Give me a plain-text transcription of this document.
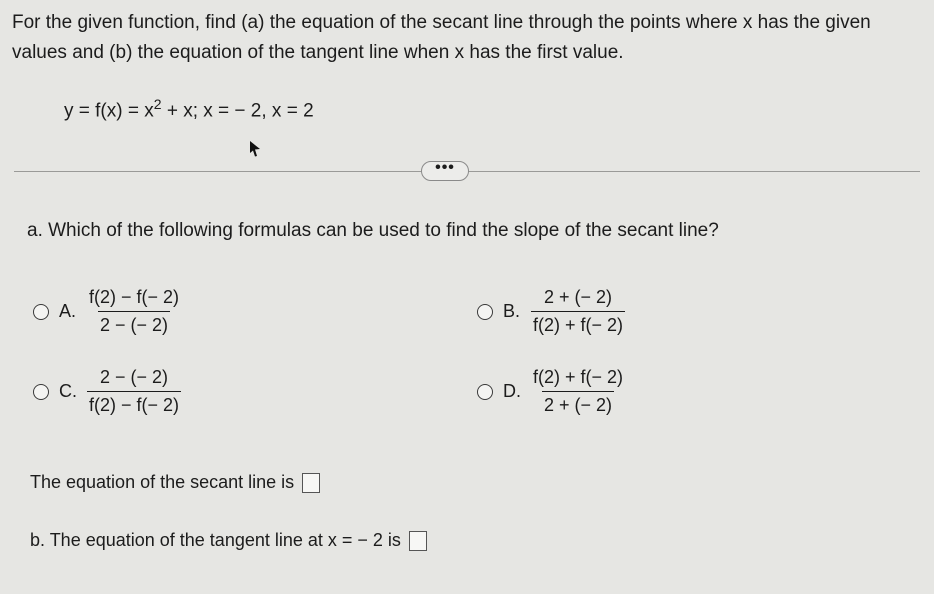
For the given function, find (a) the equation of the secant line through the points where x has the given values and (b) the equation of the tangent line when x has the first value.
$y = f(x) = x^2 + x$; x = − 2, x = 2
•••
a. Which of the following formulas can be used to find the slope of the secant line?
A. $\frac{f(2) - f(- 2)}{2 - (- 2)}$	B. $\frac{2 + (- 2)}{f(2) + f(- 2)}$
C. $\frac{2 - (- 2)}{f(2) - f(- 2)}$	D. $\frac{f(2) + f(- 2)}{2 + (- 2)}$
The equation of the secant line is
b. The equation of the tangent line at x = − 2 is
